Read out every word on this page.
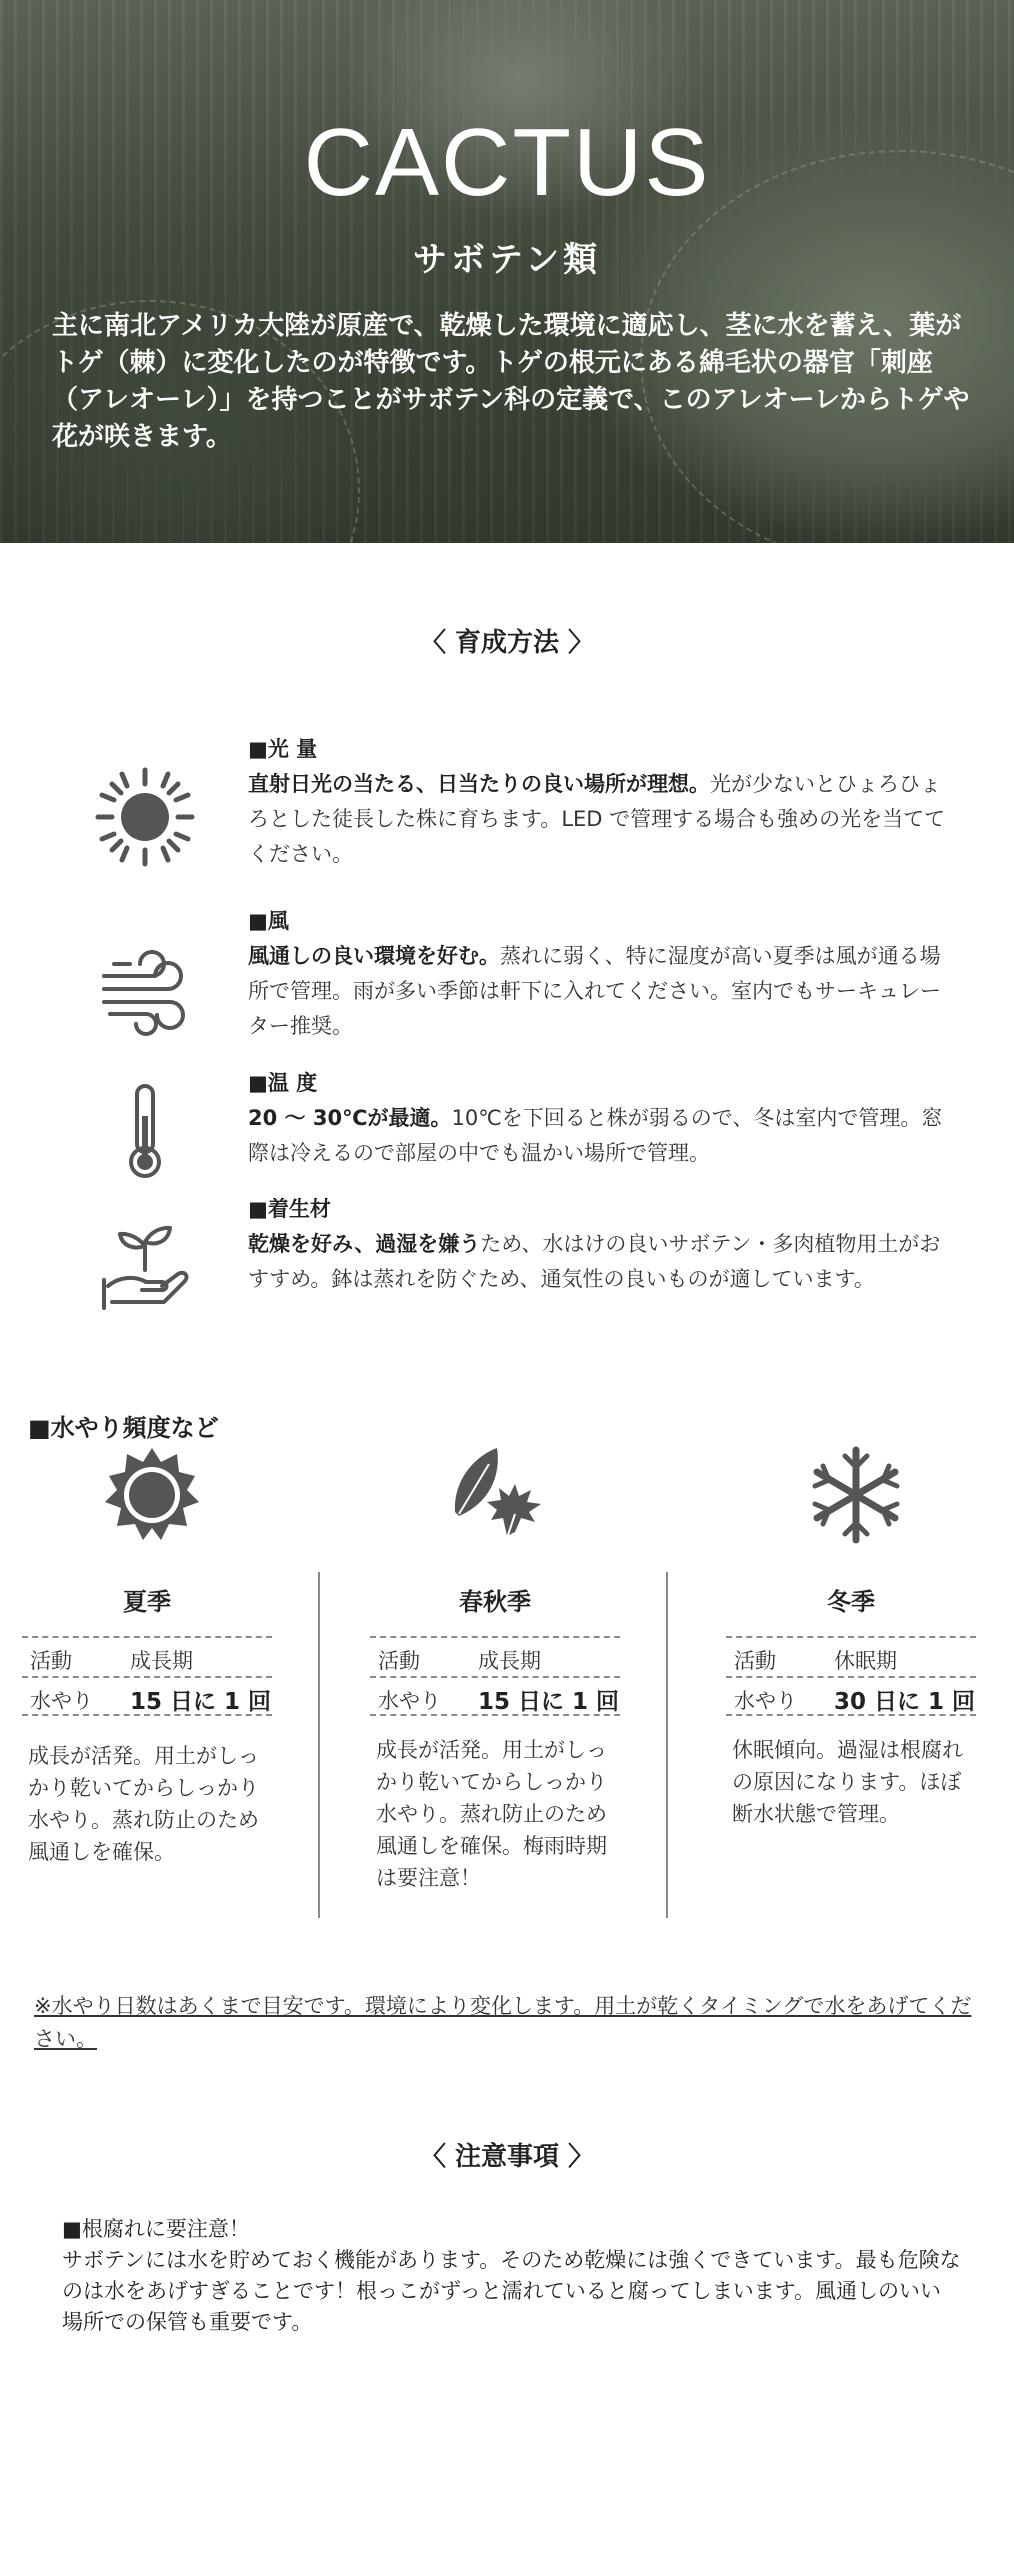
CACTUS
サボテン類
主に南北アメリカ大陸が原産で、乾燥した環境に適応し、茎に水を蓄え、葉がトゲ（棘）に変化したのが特徴です。トゲの根元にある綿毛状の器官「刺座（アレオーレ）」を持つことがサボテン科の定義で、このアレオーレからトゲや花が咲きます。
〈 育成方法 〉
■光 量
直射日光の当たる、日当たりの良い場所が理想。光が少ないとひょろひょろとした徒長した株に育ちます。LED で管理する場合も強めの光を当ててください。
■風
風通しの良い環境を好む。蒸れに弱く、特に湿度が高い夏季は風が通る場所で管理。雨が多い季節は軒下に入れてください。室内でもサーキュレーター推奨。
■温 度
20 ～ 30℃が最適。10℃を下回ると株が弱るので、冬は室内で管理。窓際は冷えるので部屋の中でも温かい場所で管理。
■着生材
乾燥を好み、過湿を嫌うため、水はけの良いサボテン・多肉植物用土がおすすめ。鉢は蒸れを防ぐため、通気性の良いものが適しています。
■水やり頻度など
夏季
活動	成長期
水やり 15 日に 1 回
成長が活発。用土がしっかり乾いてからしっかり水やり。蒸れ防止のため風通しを確保。
春秋季
活動	成長期
水やり 15 日に 1 回
成長が活発。用土がしっかり乾いてからしっかり水やり。蒸れ防止のため風通しを確保。梅雨時期は要注意！
冬季
活動	休眠期
水やり 30 日に 1 回
休眠傾向。過湿は根腐れの原因になります。ほぼ断水状態で管理。
※水やり日数はあくまで目安です。環境により変化します。用土が乾くタイミングで水をあげてください。
〈 注意事項 〉
■根腐れに要注意！
サボテンには水を貯めておく機能があります。そのため乾燥には強くできています。最も危険なのは水をあげすぎることです！根っこがずっと濡れていると腐ってしまいます。風通しのいい場所での保管も重要です。
